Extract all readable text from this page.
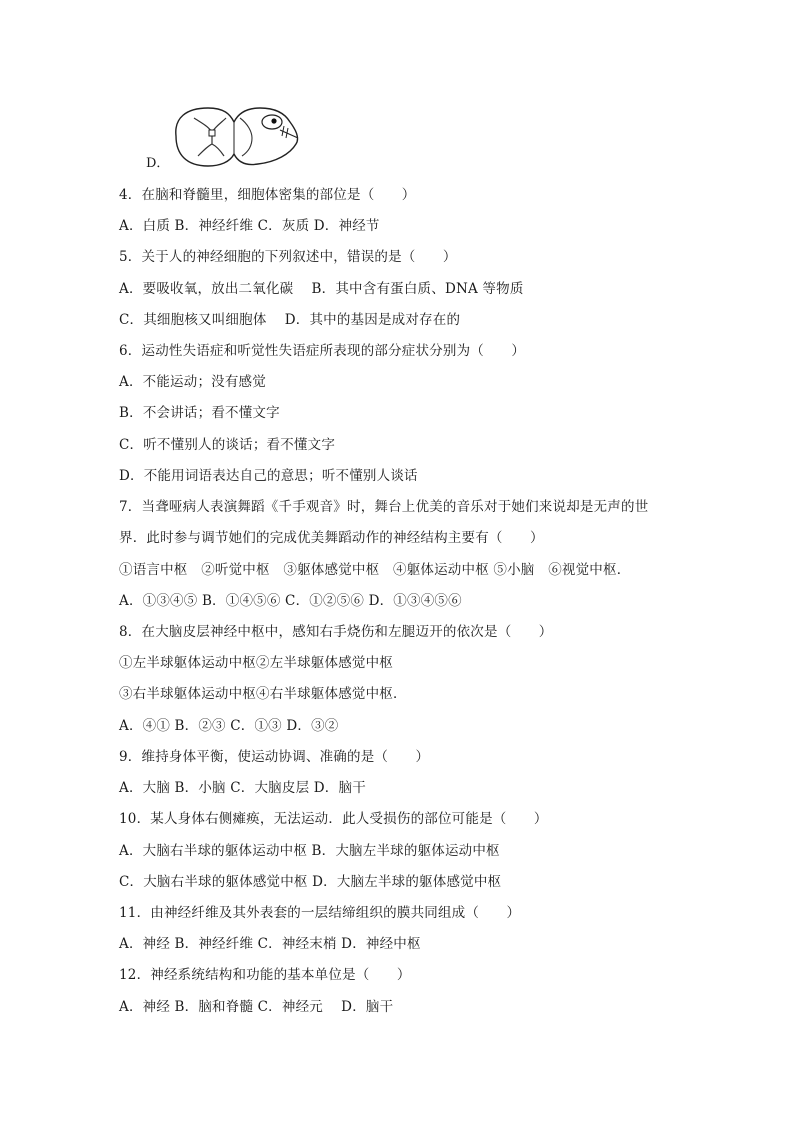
D．
4．在脑和脊髓里，细胞体密集的部位是（　　）
A．白质 B．神经纤维 C．灰质 D．神经节
5．关于人的神经细胞的下列叙述中，错误的是（　　）
A．要吸收氧，放出二氧化碳　 B．其中含有蛋白质、DNA 等物质
C．其细胞核又叫细胞体　 D．其中的基因是成对存在的
6．运动性失语症和听觉性失语症所表现的部分症状分别为（　　）
A．不能运动；没有感觉
B．不会讲话；看不懂文字
C．听不懂别人的谈话；看不懂文字
D．不能用词语表达自己的意思；听不懂别人谈话
7．当聋哑病人表演舞蹈《千手观音》时，舞台上优美的音乐对于她们来说却是无声的世
界．此时参与调节她们的完成优美舞蹈动作的神经结构主要有（　　）
①语言中枢　②听觉中枢　③躯体感觉中枢　④躯体运动中枢 ⑤小脑　⑥视觉中枢．
A．①③④⑤ B．①④⑤⑥ C．①②⑤⑥ D．①③④⑤⑥
8．在大脑皮层神经中枢中，感知右手烧伤和左腿迈开的依次是（　　）
①左半球躯体运动中枢②左半球躯体感觉中枢
③右半球躯体运动中枢④右半球躯体感觉中枢．
A．④① B．②③ C．①③ D．③②
9．维持身体平衡，使运动协调、准确的是（　　）
A．大脑 B．小脑 C．大脑皮层 D．脑干
10．某人身体右侧瘫痪，无法运动．此人受损伤的部位可能是（　　）
A．大脑右半球的躯体运动中枢 B．大脑左半球的躯体运动中枢
C．大脑右半球的躯体感觉中枢 D．大脑左半球的躯体感觉中枢
11．由神经纤维及其外表套的一层结缔组织的膜共同组成（　　）
A．神经 B．神经纤维 C．神经末梢 D．神经中枢
12．神经系统结构和功能的基本单位是（　　）
A．神经 B．脑和脊髓 C．神经元　 D．脑干
